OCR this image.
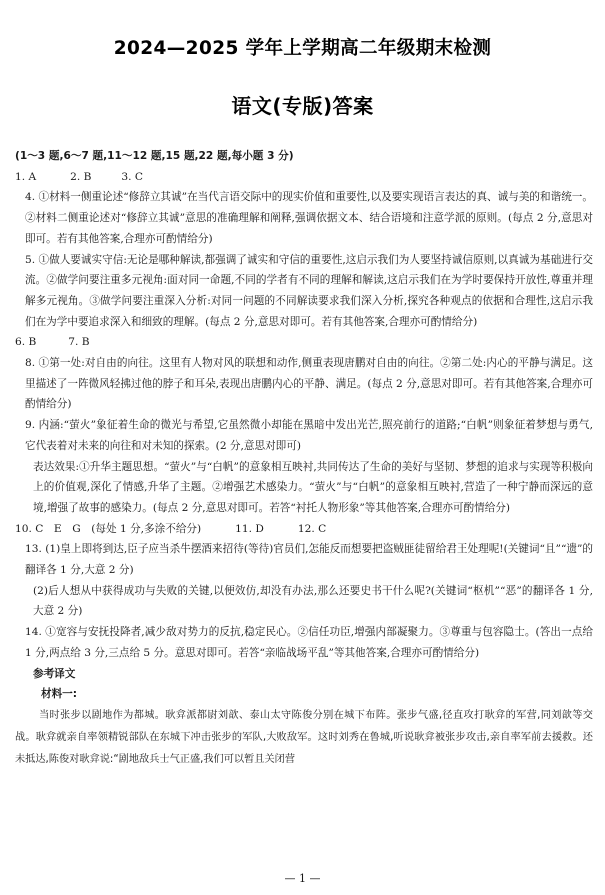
2024—2025 学年上学期高二年级期末检测
语文(专版)答案

(1～3 题,6～7 题,11～12 题,15 题,22 题,每小题 3 分)

1. A	2. B	3. C

4. ①材料一侧重论述“修辞立其诚”在当代言语交际中的现实价值和重要性,以及要实现语言表达的真、诚与美的和谐统一。②材料二侧重论述对“修辞立其诚”意思的准确理解和阐释,强调依据文本、结合语境和注意学派的原则。(每点 2 分,意思对即可。若有其他答案,合理亦可酌情给分)

5. ①做人要诚实守信:无论是哪种解读,都强调了诚实和守信的重要性,这启示我们为人要坚持诚信原则,以真诚为基础进行交流。②做学问要注重多元视角:面对同一命题,不同的学者有不同的理解和解读,这启示我们在为学时要保持开放性,尊重并理解多元视角。③做学问要注重深入分析:对同一问题的不同解读要求我们深入分析,探究各种观点的依据和合理性,这启示我们在为学中要追求深入和细致的理解。(每点 2 分,意思对即可。若有其他答案,合理亦可酌情给分)

6. B	7. B

8. ①第一处:对自由的向往。这里有人物对风的联想和动作,侧重表现唐鹏对自由的向往。②第二处:内心的平静与满足。这里描述了一阵微风轻拂过他的脖子和耳朵,表现出唐鹏内心的平静、满足。(每点 2 分,意思对即可。若有其他答案,合理亦可酌情给分)

9. 内涵:“萤火”象征着生命的微光与希望,它虽然微小却能在黑暗中发出光芒,照亮前行的道路;“白帆”则象征着梦想与勇气,它代表着对未来的向往和对未知的探索。(2 分,意思对即可)

表达效果:①升华主题思想。“萤火”与“白帆”的意象相互映衬,共同传达了生命的美好与坚韧、梦想的追求与实现等积极向上的价值观,深化了情感,升华了主题。②增强艺术感染力。“萤火”与“白帆”的意象相互映衬,营造了一种宁静而深远的意境,增强了故事的感染力。(每点 2 分,意思对即可。若答“衬托人物形象”等其他答案,合理亦可酌情给分)

10. C　E　G　(每处 1 分,多涂不给分)	11. D	12. C

13. (1)皇上即将到达,臣子应当杀牛摆酒来招待(等待)官员们,怎能反而想要把盗贼匪徒留给君王处理呢!(关键词“且”“遗”的翻译各 1 分,大意 2 分)

(2)后人想从中获得成功与失败的关键,以便效仿,却没有办法,那么还要史书干什么呢?(关键词“枢机”“恶”的翻译各 1 分,大意 2 分)

14. ①宽容与安抚投降者,减少敌对势力的反抗,稳定民心。②信任功臣,增强内部凝聚力。③尊重与包容隐士。(答出一点给 1 分,两点给 3 分,三点给 5 分。意思对即可。若答“亲临战场平乱”等其他答案,合理亦可酌情给分)

参考译文

材料一:

当时张步以剧地作为都城。耿弇派都尉刘歆、泰山太守陈俊分别在城下布阵。张步气盛,径直攻打耿弇的军营,同刘歆等交战。耿弇就亲自率领精锐部队在东城下冲击张步的军队,大败敌军。这时刘秀在鲁城,听说耿弇被张步攻击,亲自率军前去援救。还未抵达,陈俊对耿弇说:“剧地敌兵士气正盛,我们可以暂且关闭营

— 1 —
